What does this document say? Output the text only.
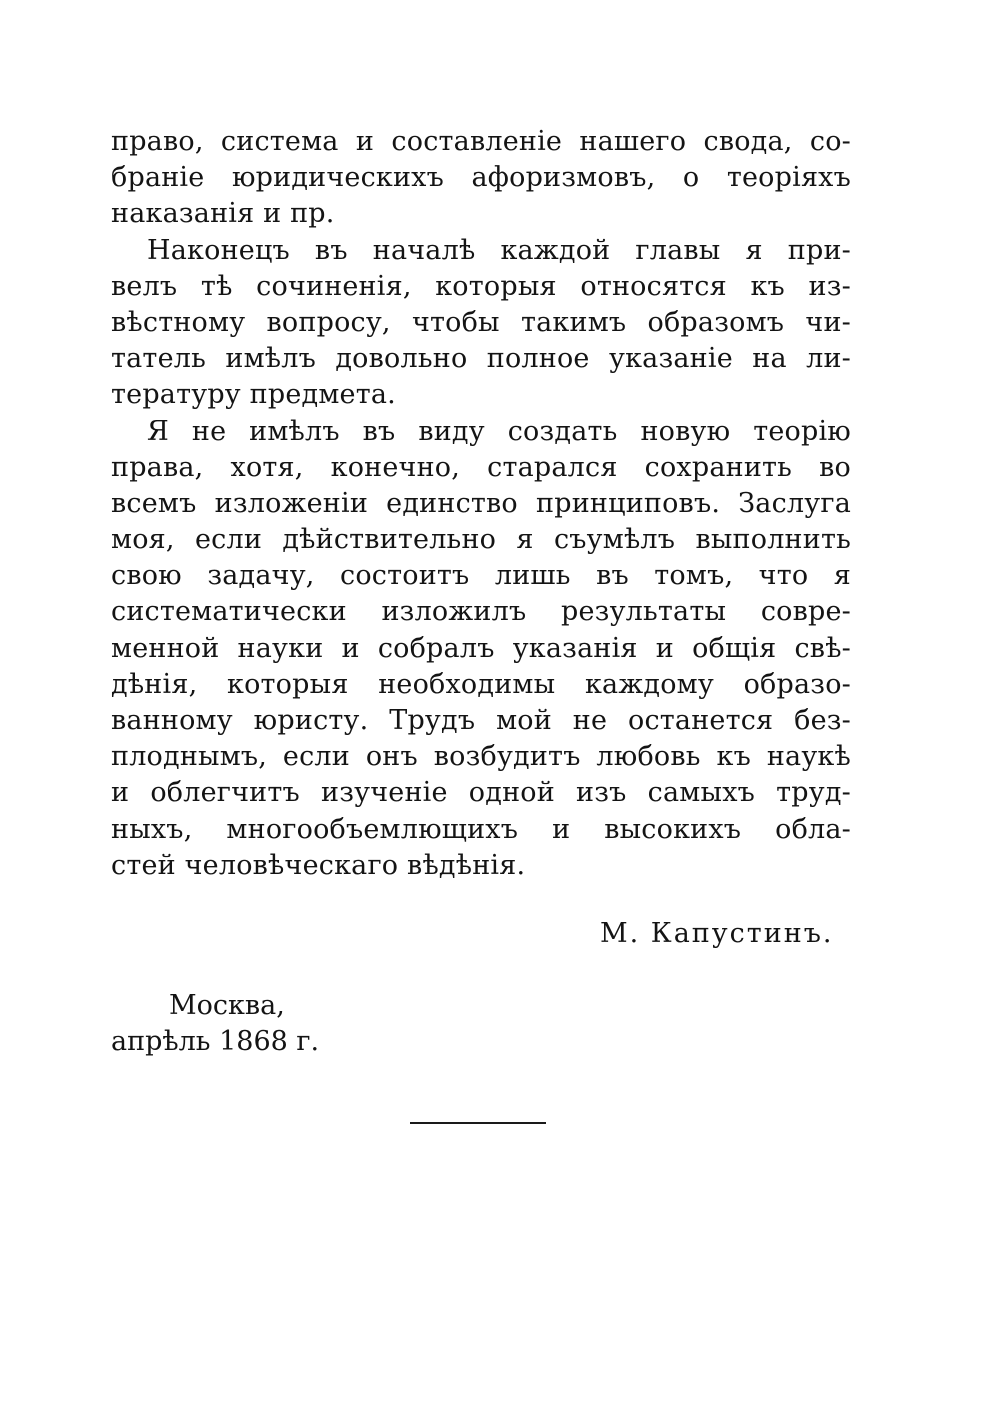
право, система и составленіе нашего свода, со-
браніе юридическихъ афоризмовъ, о теоріяхъ
наказанія и пр.
Наконецъ въ началѣ каждой главы я при-
велъ тѣ сочиненія, которыя относятся къ из-
вѣстному вопросу, чтобы такимъ образомъ чи-
татель имѣлъ довольно полное указаніе на ли-
тературу предмета.
Я не имѣлъ въ виду создать новую теорію
права, хотя, конечно, старался сохранить во
всемъ изложеніи единство принциповъ. Заслуга
моя, если дѣйствительно я съумѣлъ выполнить
свою задачу, состоитъ лишь въ томъ, что я
систематически изложилъ результаты совре-
менной науки и собралъ указанія и общія свѣ-
дѣнія, которыя необходимы каждому образо-
ванному юристу. Трудъ мой не останется без-
плоднымъ, если онъ возбудитъ любовь къ наукѣ
и облегчитъ изученіе одной изъ самыхъ труд-
ныхъ, многообъемлющихъ и высокихъ обла-
стей человѣческаго вѣдѣнія.
М. Капустинъ.
Москва,
апрѣль 1868 г.
